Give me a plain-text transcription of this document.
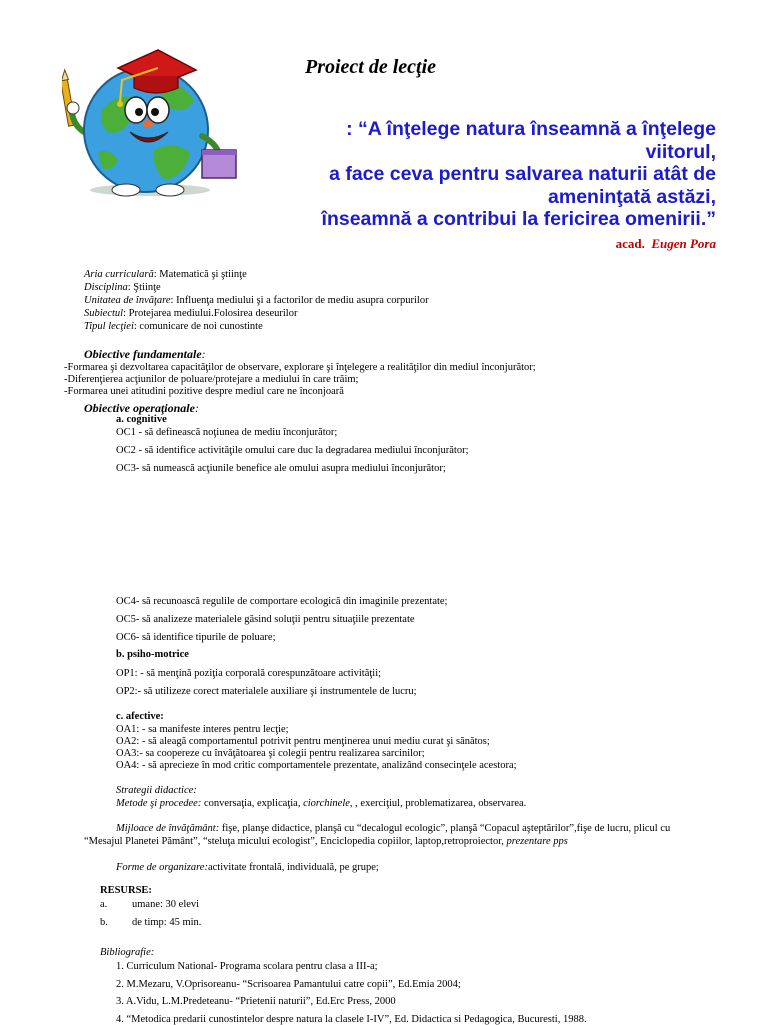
Proiect de lecţie
: “A înţelege natura înseamnă a înţelege
viitorul,
a face ceva pentru salvarea naturii atât de
ameninţată astăzi,
înseamnă a contribui la fericirea omenirii.”
acad. Eugen Pora
Aria curriculară: Matematică şi ştiinţe
Disciplina: Ştiinţe
Unitatea de învăţare: Influenţa mediului şi a factorilor de mediu asupra corpurilor
Subiectul: Protejarea mediului.Folosirea deseurilor
Tipul lecţiei: comunicare de noi cunostinte
Obiective fundamentale:
-Formarea şi dezvoltarea capacităţilor de observare, explorare şi înţelegere a realităţilor din mediul înconjurător;
-Diferenţierea acţiunilor de poluare/protejare a mediului în care trăim;
-Formarea unei atitudini pozitive despre mediul care ne înconjoară
Obiective operaţionale:
a. cognitive
OC1 - să definească noţiunea de mediu înconjurător;
OC2 - să identifice activităţile omului care duc la degradarea mediului înconjurător;
OC3- să numească acţiunile benefice ale omului asupra mediului înconjurător;
OC4- să recunoască regulile de comportare ecologică din imaginile prezentate;
OC5- să analizeze materialele găsind soluţii pentru situaţiile prezentate
OC6- să identifice tipurile de poluare;
b. psiho-motrice
OP1: - să menţină poziţia corporală corespunzătoare activităţii;
OP2:- să utilizeze corect materialele auxiliare şi instrumentele de lucru;
c. afective:
OA1: - sa manifeste interes pentru lecţie;
OA2: - să aleagă comportamentul potrivit pentru menţinerea unui mediu curat şi sănătos;
OA3:- sa coopereze cu învăţătoarea şi colegii pentru realizarea sarcinilor;
OA4: - să aprecieze în mod critic comportamentele prezentate, analizând consecinţele acestora;
Strategii didactice:
Metode şi procedee: conversaţia, explicaţia, ciorchinele, , exerciţiul, problematizarea, observarea.
Mijloace de învăţământ: fişe, planşe didactice, planşă cu “decalogul ecologic”, planşă “Copacul aşteptărilor”,fişe de lucru, plicul cu
“Mesajul Planetei Pământ”, “steluţa micului ecologist”, Enciclopedia copiilor, laptop,retroproiector, prezentare pps
Forme de organizare:activitate frontală, individuală, pe grupe;
RESURSE:
a. umane: 30 elevi
b. de timp: 45 min.
Bibliografie:
1. Curriculum National- Programa scolara pentru clasa a III-a;
2. M.Mezaru, V.Oprisoreanu- “Scrisoarea Pamantului catre copii”, Ed.Emia 2004;
3. A.Vidu, L.M.Predeteanu- “Prietenii naturii”, Ed.Erc Press, 2000
4. “Metodica predarii cunostintelor despre natura la clasele I-IV”, Ed. Didactica si Pedagogica, Bucuresti, 1988.
